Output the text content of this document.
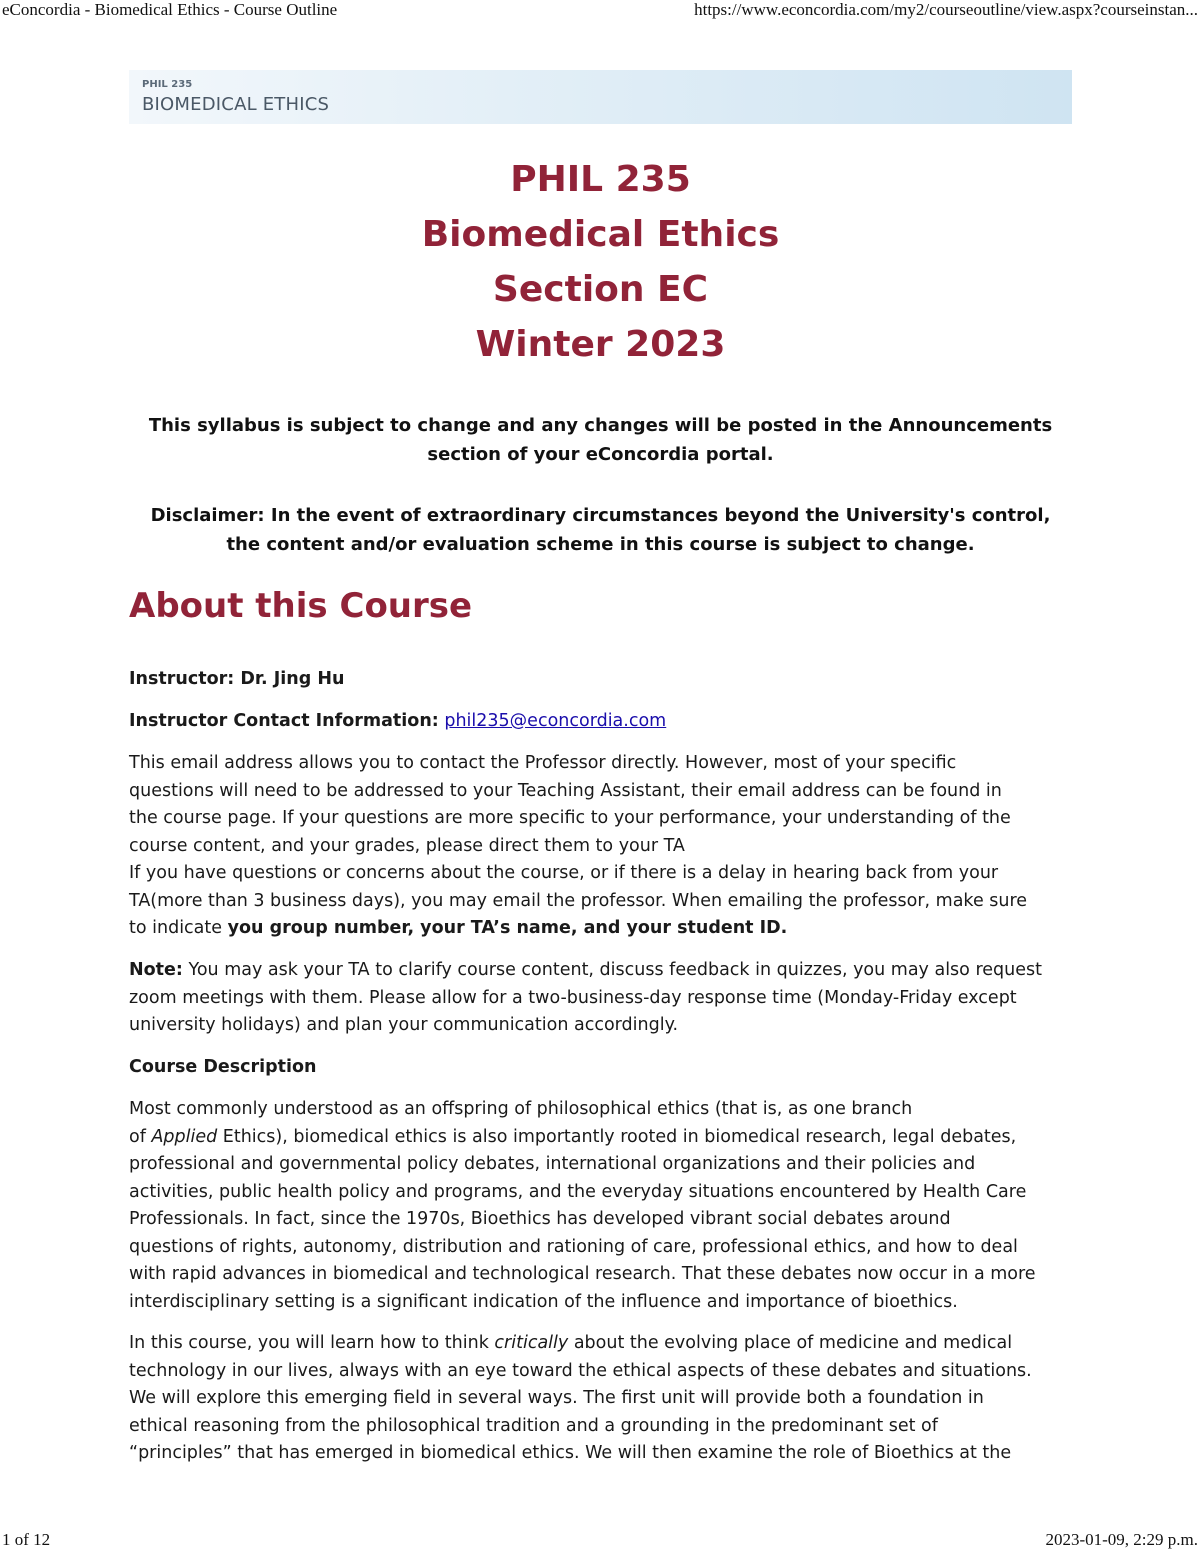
eConcordia - Biomedical Ethics - Course Outline	https://www.econcordia.com/my2/courseoutline/view.aspx?courseinstan...
PHIL 235
BIOMEDICAL ETHICS
PHIL 235
Biomedical Ethics
Section EC
Winter 2023
This syllabus is subject to change and any changes will be posted in the Announcements
section of your eConcordia portal.
Disclaimer: In the event of extraordinary circumstances beyond the University's control,
the content and/or evaluation scheme in this course is subject to change.
About this Course
Instructor: Dr. Jing Hu
Instructor Contact Information: phil235@econcordia.com
This email address allows you to contact the Professor directly. However, most of your specific
questions will need to be addressed to your Teaching Assistant, their email address can be found in
the course page. If your questions are more specific to your performance, your understanding of the
course content, and your grades, please direct them to your TA
If you have questions or concerns about the course, or if there is a delay in hearing back from your
TA(more than 3 business days), you may email the professor. When emailing the professor, make sure
to indicate you group number, your TA’s name, and your student ID.
Note: You may ask your TA to clarify course content, discuss feedback in quizzes, you may also request
zoom meetings with them. Please allow for a two-business-day response time (Monday-Friday except
university holidays) and plan your communication accordingly.
Course Description
Most commonly understood as an offspring of philosophical ethics (that is, as one branch
of Applied Ethics), biomedical ethics is also importantly rooted in biomedical research, legal debates,
professional and governmental policy debates, international organizations and their policies and
activities, public health policy and programs, and the everyday situations encountered by Health Care
Professionals. In fact, since the 1970s, Bioethics has developed vibrant social debates around
questions of rights, autonomy, distribution and rationing of care, professional ethics, and how to deal
with rapid advances in biomedical and technological research. That these debates now occur in a more
interdisciplinary setting is a significant indication of the influence and importance of bioethics.
In this course, you will learn how to think critically about the evolving place of medicine and medical
technology in our lives, always with an eye toward the ethical aspects of these debates and situations.
We will explore this emerging field in several ways. The first unit will provide both a foundation in
ethical reasoning from the philosophical tradition and a grounding in the predominant set of
“principles” that has emerged in biomedical ethics. We will then examine the role of Bioethics at the
1 of 12	2023-01-09, 2:29 p.m.
